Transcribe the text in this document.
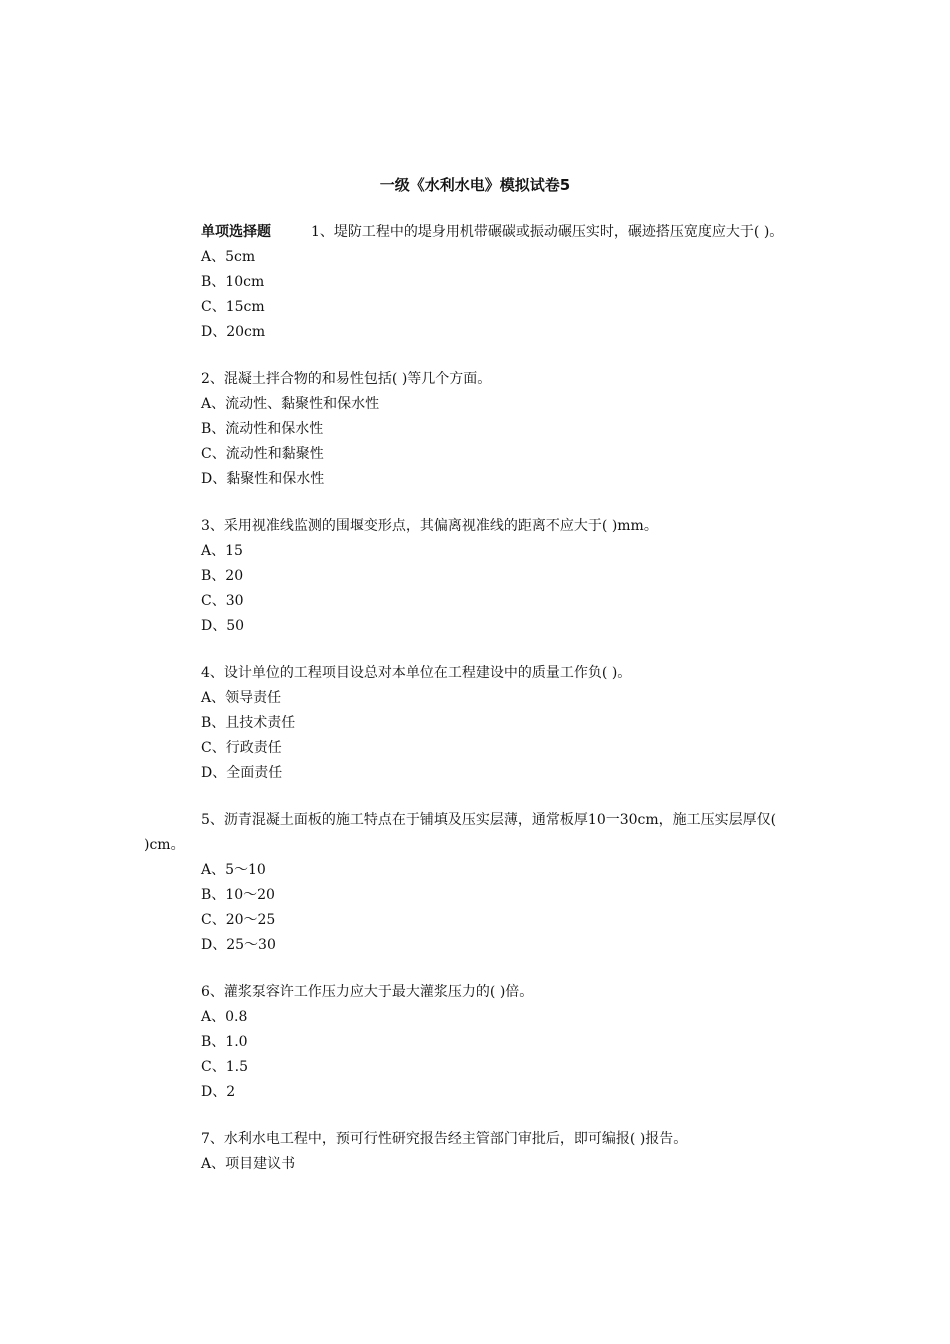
一级《水利水电》模拟试卷5

单项选择题	1、堤防工程中的堤身用机带碾碳或振动碾压实时，碾迹搭压宽度应大于( )。

A、5cm
B、10cm
C、15cm
D、20cm

2、混凝土拌合物的和易性包括( )等几个方面。

A、流动性、黏聚性和保水性
B、流动性和保水性
C、流动性和黏聚性
D、黏聚性和保水性

3、采用视准线监测的围堰变形点，其偏离视准线的距离不应大于( )mm。

A、15
B、20
C、30
D、50

4、设计单位的工程项目设总对本单位在工程建设中的质量工作负( )。

A、领导责任
B、且技术责任
C、行政责任
D、全面责任

5、沥青混凝土面板的施工特点在于铺填及压实层薄，通常板厚10一30cm，施工压实层厚仅( )cm。

A、5～10
B、10～20
C、20～25
D、25～30

6、灌浆泵容许工作压力应大于最大灌浆压力的( )倍。

A、0.8
B、1.0
C、1.5
D、2

7、水利水电工程中，预可行性研究报告经主管部门审批后，即可编报( )报告。

A、项目建议书
